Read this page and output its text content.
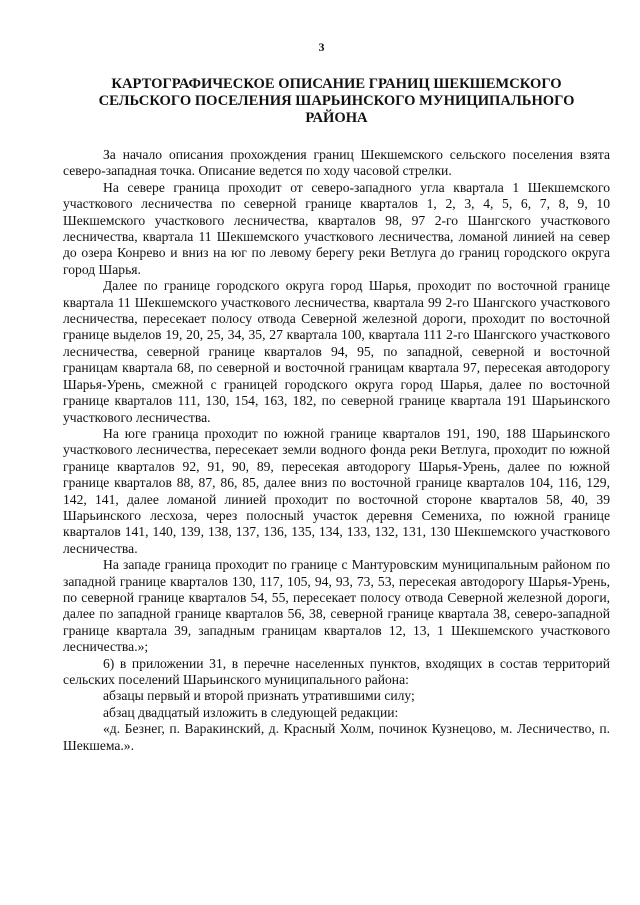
3
КАРТОГРАФИЧЕСКОЕ ОПИСАНИЕ ГРАНИЦ ШЕКШЕМСКОГО
СЕЛЬСКОГО ПОСЕЛЕНИЯ ШАРЬИНСКОГО МУНИЦИПАЛЬНОГО
РАЙОНА

За начало описания прохождения границ Шекшемского сельского поселения взята северо-западная точка. Описание ведется по ходу часовой стрелки.

На севере граница проходит от северо-западного угла квартала 1 Шекшемского участкового лесничества по северной границе кварталов 1, 2, 3, 4, 5, 6, 7, 8, 9, 10 Шекшемского участкового лесничества, кварталов 98, 97 2-го Шангского участкового лесничества, квартала 11 Шекшемского участкового лесничества, ломаной линией на север до озера Конрево и вниз на юг по левому берегу реки Ветлуга до границ городского округа город Шарья.

Далее по границе городского округа город Шарья, проходит по восточной границе квартала 11 Шекшемского участкового лесничества, квартала 99 2-го Шангского участкового лесничества, пересекает полосу отвода Северной железной дороги, проходит по восточной границе выделов 19, 20, 25, 34, 35, 27 квартала 100, квартала 111 2-го Шангского участкового лесничества, северной границе кварталов 94, 95, по западной, северной и восточной границам квартала 68, по северной и восточной границам квартала 97, пересекая автодорогу Шарья-Урень, смежной с границей городского округа город Шарья, далее по восточной границе кварталов 111, 130, 154, 163, 182, по северной границе квартала 191 Шарьинского участкового лесничества.

На юге граница проходит по южной границе кварталов 191, 190, 188 Шарьинского участкового лесничества, пересекает земли водного фонда реки Ветлуга, проходит по южной границе кварталов 92, 91, 90, 89, пересекая автодорогу Шарья-Урень, далее по южной границе кварталов 88, 87, 86, 85, далее вниз по восточной границе кварталов 104, 116, 129, 142, 141, далее ломаной линией проходит по восточной стороне кварталов 58, 40, 39 Шарьинского лесхоза, через полосный участок деревня Семениха, по южной границе кварталов 141, 140, 139, 138, 137, 136, 135, 134, 133, 132, 131, 130 Шекшемского участкового лесничества.

На западе граница проходит по границе с Мантуровским муниципальным районом по западной границе кварталов 130, 117, 105, 94, 93, 73, 53, пересекая автодорогу Шарья-Урень, по северной границе кварталов 54, 55, пересекает полосу отвода Северной железной дороги, далее по западной границе кварталов 56, 38, северной границе квартала 38, северо-западной границе квартала 39, западным границам кварталов 12, 13, 1 Шекшемского участкового лесничества.»;

6) в приложении 31, в перечне населенных пунктов, входящих в состав территорий сельских поселений Шарьинского муниципального района:

абзацы первый и второй признать утратившими силу;

абзац двадцатый изложить в следующей редакции:

«д. Безнег, п. Варакинский, д. Красный Холм, починок Кузнецово, м. Лесничество, п. Шекшема.».
